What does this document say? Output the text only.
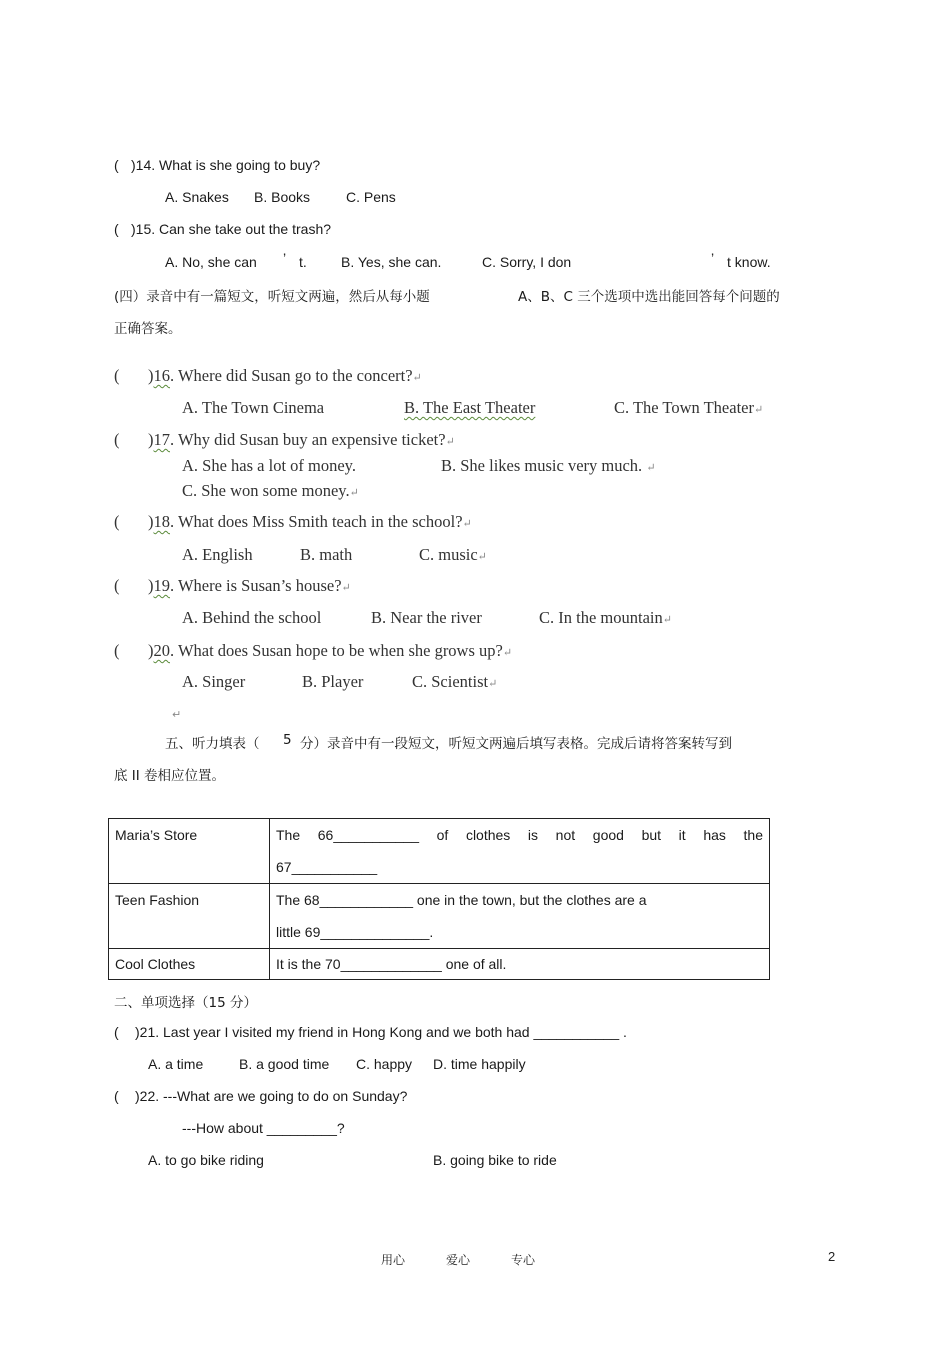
( )14. What is she going to buy?
A. Snakes B. Books	C. Pens
( )15. Can she take out the trash?
A. No, she can ’ t. B. Yes, she can.	C. Sorry, I don	’ t know.
(四）录音中有一篇短文，听短文两遍，然后从每小题	A、B、C 三个选项中选出能回答每个问题的
正确答案。
( )16. Where did Susan go to the concert?↵
A. The Town Cinema	B. The East Theater	C. The Town Theater↵
( )17. Why did Susan buy an expensive ticket?↵
A. She has a lot of money.	B. She likes music very much. ↵
C. She won some money.↵
( )18. What does Miss Smith teach in the school?↵
A. English	B. math	C. music↵
( )19. Where is Susan’s house?↵
A. Behind the school	B. Near the river	C. In the mountain↵
( )20. What does Susan hope to be when she grows up?↵
A. Singer	B. Player	C. Scientist↵
↵
五、听力填表（ 5 分）录音中有一段短文，听短文两遍后填写表格。完成后请将答案转写到
底 II 卷相应位置。
Maria’s Store	The 66___________ of clothes is not good but it has the
67___________

Teen Fashion	The 68____________ one in the town, but the clothes are a
little 69______________.

Cool Clothes	It is the 70_____________ one of all.
二、单项选择（15 分）
( )21. Last year I visited my friend in Hong Kong and we both had ___________ .
A. a time	B. a good time C. happy D. time happily
( )22. ---What are we going to do on Sunday?
---How about _________?
A. to go bike riding	B. going bike to ride
用心	爱心	专心	2
